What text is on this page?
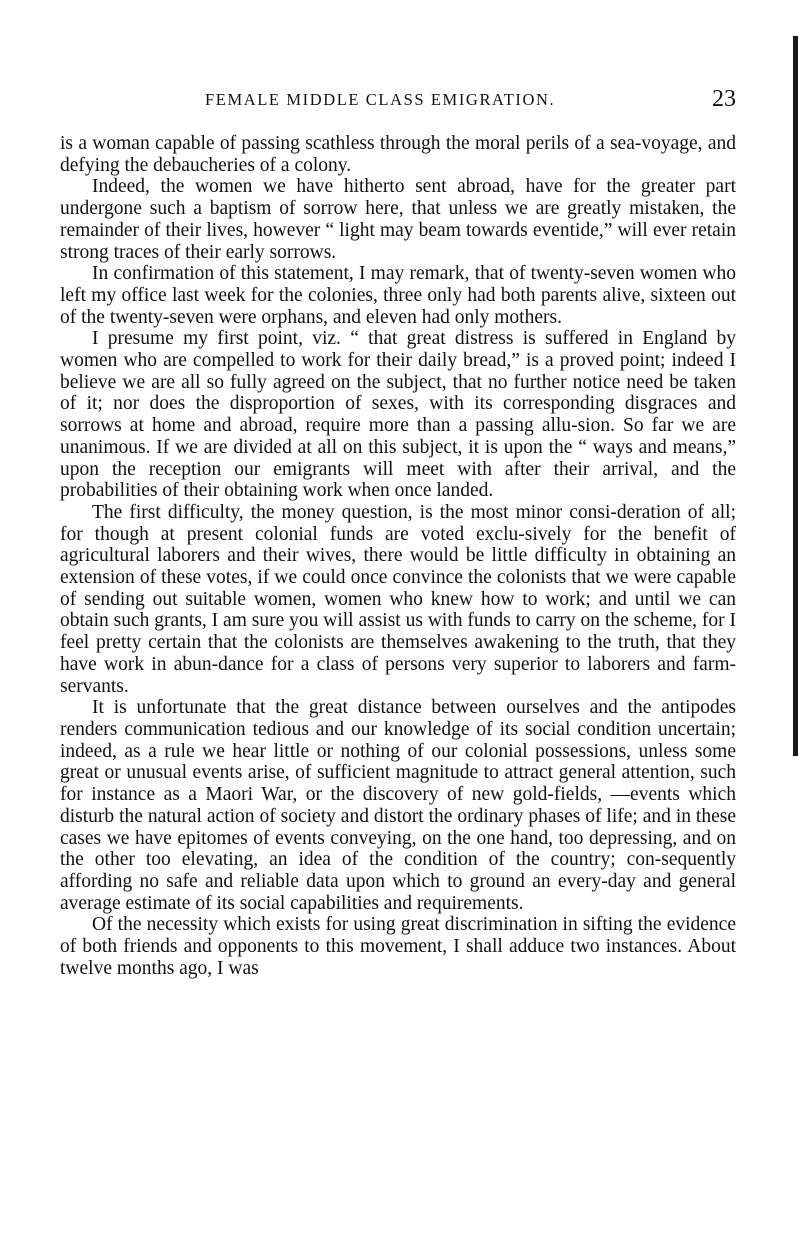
FEMALE MIDDLE CLASS EMIGRATION.	23

is a woman capable of passing scathless through the moral perils of a sea-voyage, and defying the debaucheries of a colony.

Indeed, the women we have hitherto sent abroad, have for the greater part undergone such a baptism of sorrow here, that unless we are greatly mistaken, the remainder of their lives, however “ light may beam towards eventide,” will ever retain strong traces of their early sorrows.

In confirmation of this statement, I may remark, that of twenty-seven women who left my office last week for the colonies, three only had both parents alive, sixteen out of the twenty-seven were orphans, and eleven had only mothers.

I presume my first point, viz. “ that great distress is suffered in England by women who are compelled to work for their daily bread,” is a proved point; indeed I believe we are all so fully agreed on the subject, that no further notice need be taken of it; nor does the disproportion of sexes, with its corresponding disgraces and sorrows at home and abroad, require more than a passing allu-sion. So far we are unanimous. If we are divided at all on this subject, it is upon the “ ways and means,” upon the reception our emigrants will meet with after their arrival, and the probabilities of their obtaining work when once landed.

The first difficulty, the money question, is the most minor consi-deration of all; for though at present colonial funds are voted exclu-sively for the benefit of agricultural laborers and their wives, there would be little difficulty in obtaining an extension of these votes, if we could once convince the colonists that we were capable of sending out suitable women, women who knew how to work; and until we can obtain such grants, I am sure you will assist us with funds to carry on the scheme, for I feel pretty certain that the colonists are themselves awakening to the truth, that they have work in abun-dance for a class of persons very superior to laborers and farm-servants.

It is unfortunate that the great distance between ourselves and the antipodes renders communication tedious and our knowledge of its social condition uncertain; indeed, as a rule we hear little or nothing of our colonial possessions, unless some great or unusual events arise, of sufficient magnitude to attract general attention, such for instance as a Maori War, or the discovery of new gold-fields, —events which disturb the natural action of society and distort the ordinary phases of life; and in these cases we have epitomes of events conveying, on the one hand, too depressing, and on the other too elevating, an idea of the condition of the country; con-sequently affording no safe and reliable data upon which to ground an every-day and general average estimate of its social capabilities and requirements.

Of the necessity which exists for using great discrimination in sifting the evidence of both friends and opponents to this movement, I shall adduce two instances. About twelve months ago, I was
